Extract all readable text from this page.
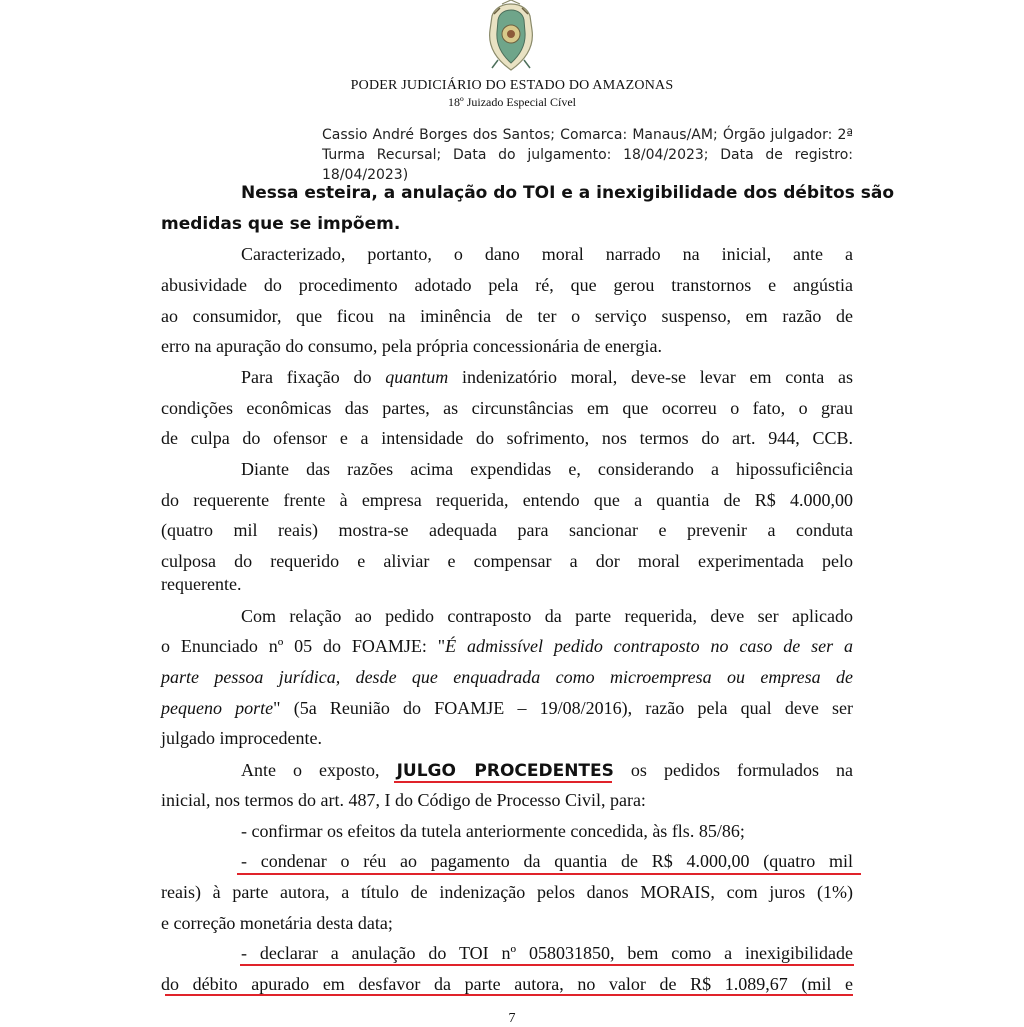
PODER JUDICIÁRIO DO ESTADO DO AMAZONAS
18º Juizado Especial Cível
Cassio André Borges dos Santos; Comarca: Manaus/AM; Órgão julgador: 2ª
Turma Recursal; Data do julgamento: 18/04/2023; Data de registro:
18/04/2023)
Nessa esteira, a anulação do TOI e a inexigibilidade dos débitos são
medidas que se impõem.
Caracterizado, portanto, o dano moral narrado na inicial, ante a
abusividade do procedimento adotado pela ré, que gerou transtornos e angústia
ao consumidor, que ficou na iminência de ter o serviço suspenso, em razão de
erro na apuração do consumo, pela própria concessionária de energia.
Para fixação do quantum indenizatório moral, deve-se levar em conta as
condições econômicas das partes, as circunstâncias em que ocorreu o fato, o grau
de culpa do ofensor e a intensidade do sofrimento, nos termos do art. 944, CCB.
Diante das razões acima expendidas e, considerando a hipossuficiência
do requerente frente à empresa requerida, entendo que a quantia de R$ 4.000,00
(quatro mil reais) mostra-se adequada para sancionar e prevenir a conduta
culposa do requerido e aliviar e compensar a dor moral experimentada pelo
requerente.
Com relação ao pedido contraposto da parte requerida, deve ser aplicado
o Enunciado nº 05 do FOAMJE: "É admissível pedido contraposto no caso de ser a
parte pessoa jurídica, desde que enquadrada como microempresa ou empresa de
pequeno porte" (5a Reunião do FOAMJE – 19/08/2016), razão pela qual deve ser
julgado improcedente.
Ante o exposto, JULGO PROCEDENTES os pedidos formulados na
inicial, nos termos do art. 487, I do Código de Processo Civil, para:
- confirmar os efeitos da tutela anteriormente concedida, às fls. 85/86;
- condenar o réu ao pagamento da quantia de R$ 4.000,00 (quatro mil
reais) à parte autora, a título de indenização pelos danos MORAIS, com juros (1%)
e correção monetária desta data;
- declarar a anulação do TOI nº 058031850, bem como a inexigibilidade
do débito apurado em desfavor da parte autora, no valor de R$ 1.089,67 (mil e
7
